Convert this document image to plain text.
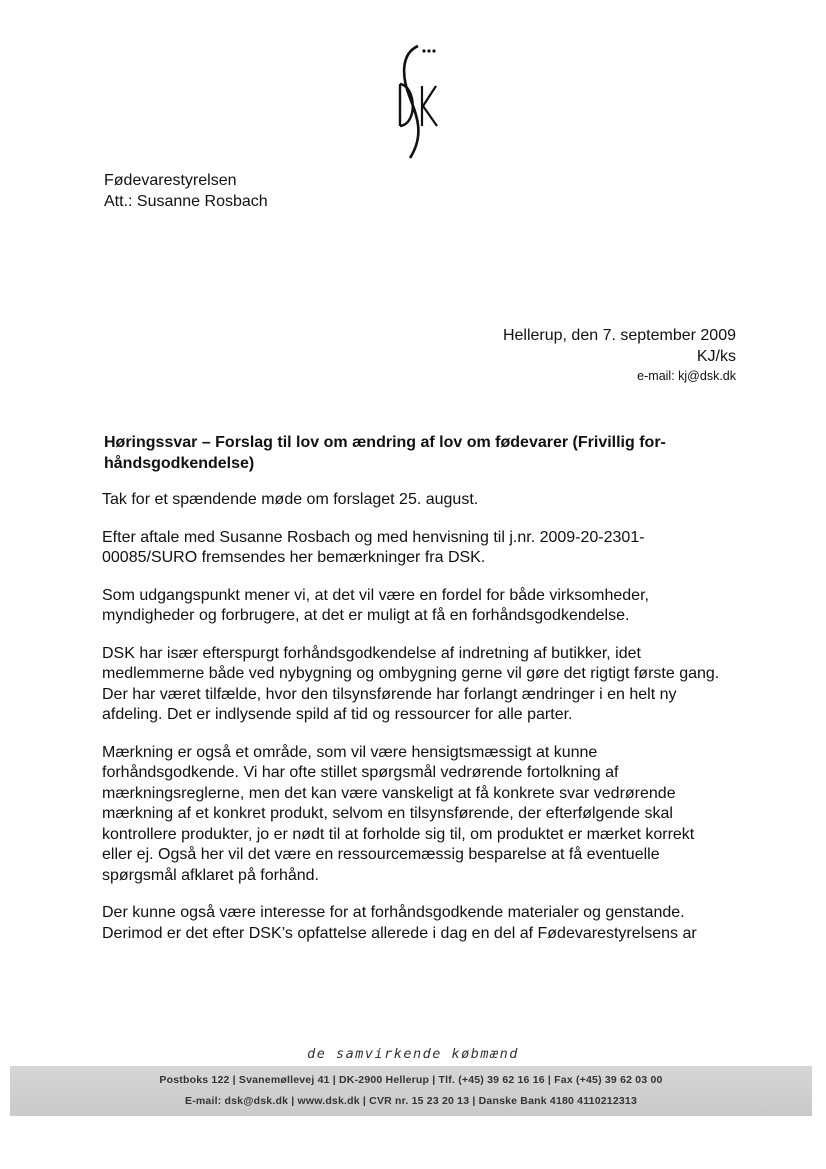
Fødevarestyrelsen
Att.: Susanne Rosbach
Hellerup, den 7. september 2009
KJ/ks
e-mail: kj@dsk.dk
Høringssvar – Forslag til lov om ændring af lov om fødevarer (Frivillig for-håndsgodkendelse)

Tak for et spændende møde om forslaget 25. august.

Efter aftale med Susanne Rosbach og med henvisning til j.nr. 2009-20-2301-00085/SURO fremsendes her bemærkninger fra DSK.

Som udgangspunkt mener vi, at det vil være en fordel for både virksomheder, myndigheder og forbrugere, at det er muligt at få en forhåndsgodkendelse.

DSK har især efterspurgt forhåndsgodkendelse af indretning af butikker, idet medlemmerne både ved nybygning og ombygning gerne vil gøre det rigtigt første gang. Der har været tilfælde, hvor den tilsynsførende har forlangt ændringer i en helt ny afdeling. Det er indlysende spild af tid og ressourcer for alle parter.

Mærkning er også et område, som vil være hensigtsmæssigt at kunne forhåndsgodkende. Vi har ofte stillet spørgsmål vedrørende fortolkning af mærkningsreglerne, men det kan være vanskeligt at få konkrete svar vedrørende mærkning af et konkret produkt, selvom en tilsynsførende, der efterfølgende skal kontrollere produkter, jo er nødt til at forholde sig til, om produktet er mærket korrekt eller ej. Også her vil det være en ressourcemæssig besparelse at få eventuelle spørgsmål afklaret på forhånd.

Der kunne også være interesse for at forhåndsgodkende materialer og genstande. Derimod er det efter DSK’s opfattelse allerede i dag en del af Fødevarestyrelsens ar

de samvirkende købmænd
Postboks 122 | Svanemøllevej 41 | DK-2900 Hellerup | Tlf. (+45) 39 62 16 16 | Fax (+45) 39 62 03 00
E-mail: dsk@dsk.dk | www.dsk.dk | CVR nr. 15 23 20 13 | Danske Bank 4180 4110212313
